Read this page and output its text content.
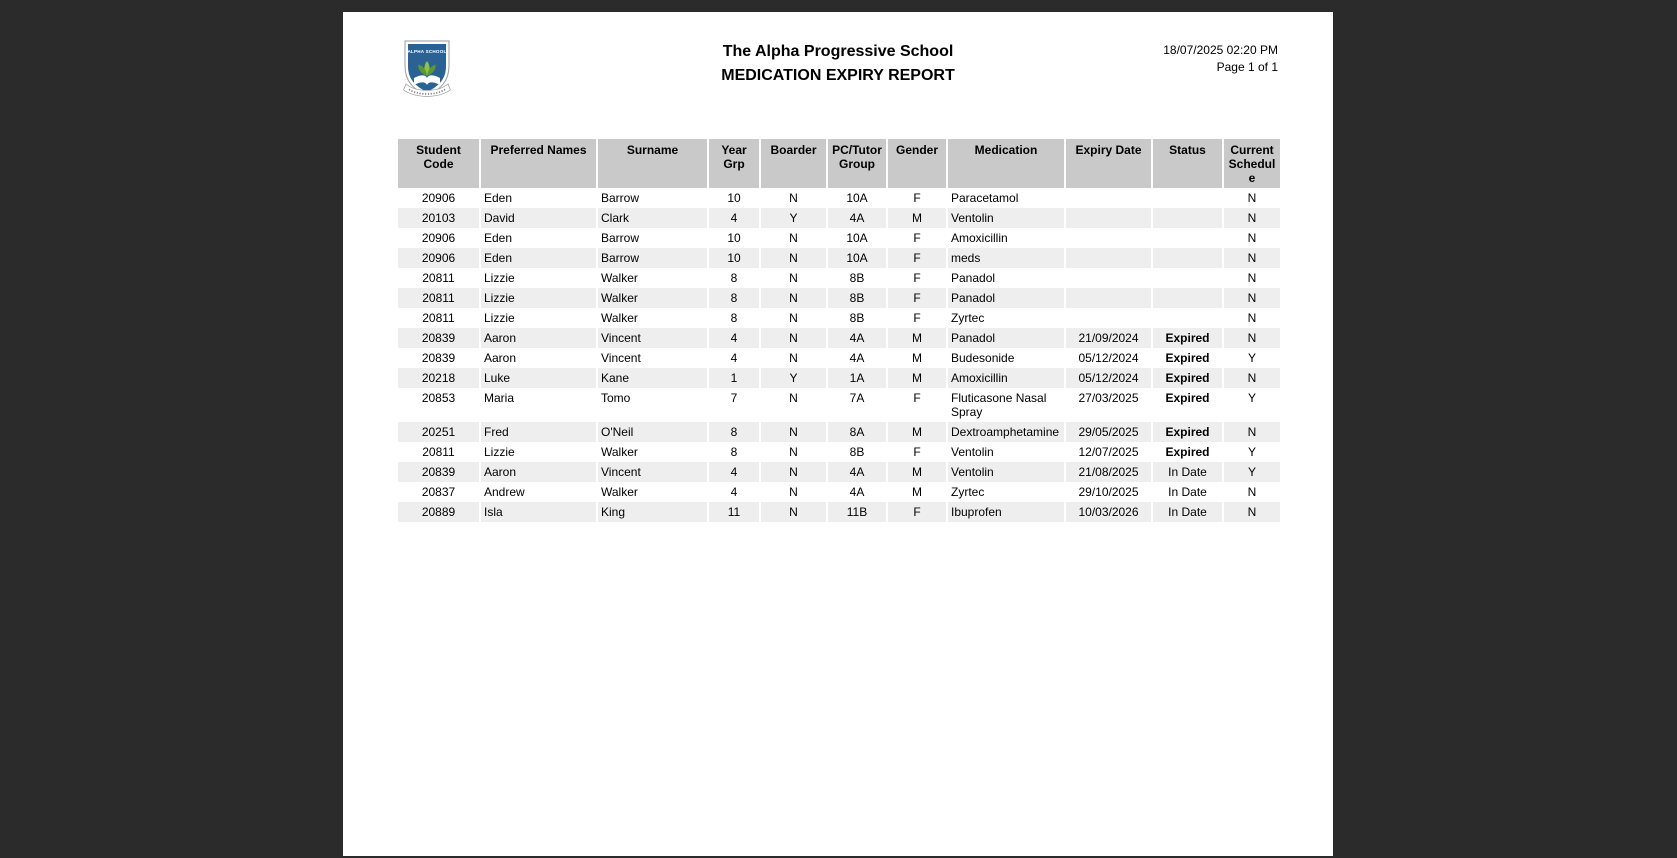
ALPHA SCHOOL	The Alpha Progressive School
MEDICATION EXPIRY REPORT
18/07/2025 02:20 PM
Page 1 of 1
Student Code	Preferred Names	Surname	Year Grp	Boarder	PC/Tutor Group	Gender	Medication	Expiry Date	Status	Current Schedule
20906	Eden	Barrow	10	N	10A	F	Paracetamol			N
20103	David	Clark	4	Y	4A	M	Ventolin			N
20906	Eden	Barrow	10	N	10A	F	Amoxicillin			N
20906	Eden	Barrow	10	N	10A	F	meds			N
20811	Lizzie	Walker	8	N	8B	F	Panadol			N
20811	Lizzie	Walker	8	N	8B	F	Panadol			N
20811	Lizzie	Walker	8	N	8B	F	Zyrtec			N
20839	Aaron	Vincent	4	N	4A	M	Panadol	21/09/2024	Expired	N
20839	Aaron	Vincent	4	N	4A	M	Budesonide	05/12/2024	Expired	Y
20218	Luke	Kane	1	Y	1A	M	Amoxicillin	05/12/2024	Expired	N
20853	Maria	Tomo	7	N	7A	F	Fluticasone Nasal Spray	27/03/2025	Expired	Y
20251	Fred	O'Neil	8	N	8A	M	Dextroamphetamine	29/05/2025	Expired	N
20811	Lizzie	Walker	8	N	8B	F	Ventolin	12/07/2025	Expired	Y
20839	Aaron	Vincent	4	N	4A	M	Ventolin	21/08/2025	In Date	Y
20837	Andrew	Walker	4	N	4A	M	Zyrtec	29/10/2025	In Date	N
20889	Isla	King	11	N	11B	F	Ibuprofen	10/03/2026	In Date	N
